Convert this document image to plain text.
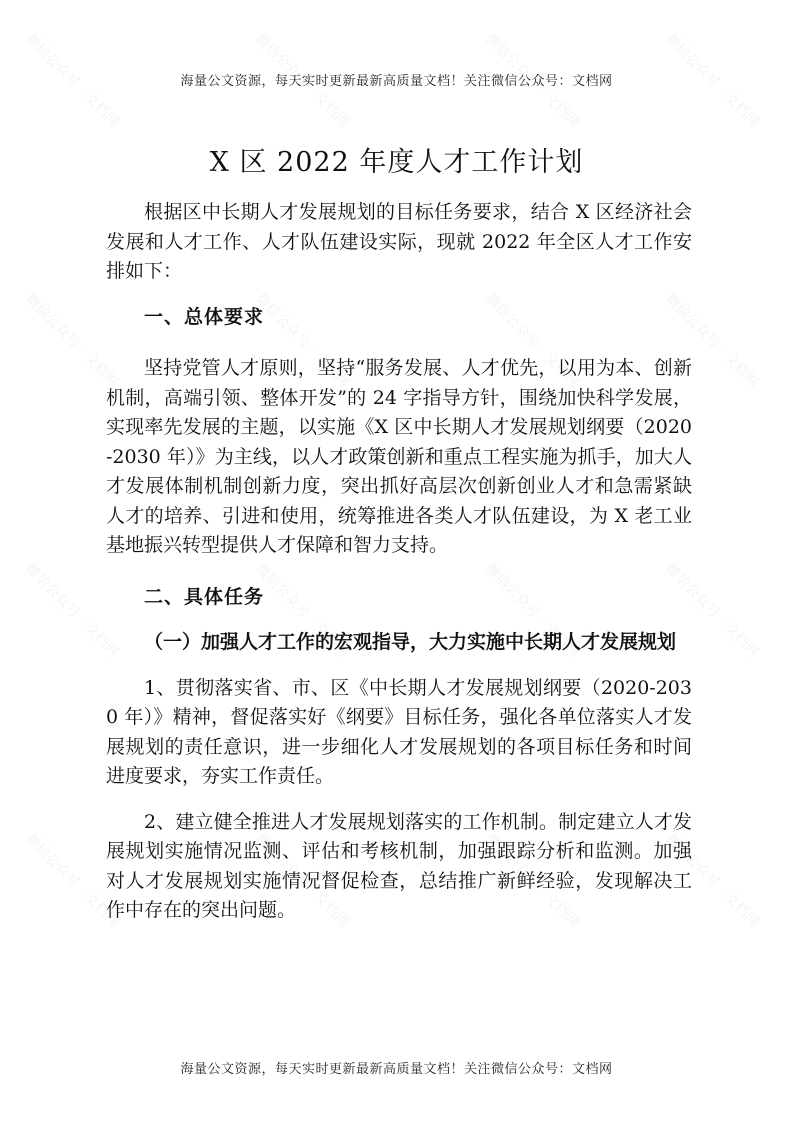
微信公众号 · 文档网	微信公众号 · 文档网	微信公众号 · 文档网	微信公众号 · 文档网
微信公众号 · 文档网	微信公众号 · 文档网	微信公众号 · 文档网	微信公众号 · 文档网
微信公众号 · 文档网	微信公众号 · 文档网	微信公众号 · 文档网	微信公众号 · 文档网
微信公众号 · 文档网	微信公众号 · 文档网	微信公众号 · 文档网	微信公众号 · 文档网
海量公文资源，每天实时更新最新高质量文档！关注微信公众号：文档网
X 区 2022 年度人才工作计划

根据区中长期人才发展规划的目标任务要求，结合 X 区经济社会发展和人才工作、人才队伍建设实际，现就 2022 年全区人才工作安排如下：

一、总体要求

坚持党管人才原则，坚持“服务发展、人才优先，以用为本、创新机制，高端引领、整体开发”的 24 字指导方针，围绕加快科学发展，实现率先发展的主题，以实施《X 区中长期人才发展规划纲要（2020-2030 年）》为主线，以人才政策创新和重点工程实施为抓手，加大人才发展体制机制创新力度，突出抓好高层次创新创业人才和急需紧缺人才的培养、引进和使用，统筹推进各类人才队伍建设，为 X 老工业基地振兴转型提供人才保障和智力支持。

二、具体任务

（一）加强人才工作的宏观指导，大力实施中长期人才发展规划

1、贯彻落实省、市、区《中长期人才发展规划纲要（2020-2030 年）》精神，督促落实好《纲要》目标任务，强化各单位落实人才发展规划的责任意识，进一步细化人才发展规划的各项目标任务和时间进度要求，夯实工作责任。

2、建立健全推进人才发展规划落实的工作机制。制定建立人才发展规划实施情况监测、评估和考核机制，加强跟踪分析和监测。加强对人才发展规划实施情况督促检查，总结推广新鲜经验，发现解决工作中存在的突出问题。

海量公文资源，每天实时更新最新高质量文档！关注微信公众号：文档网
